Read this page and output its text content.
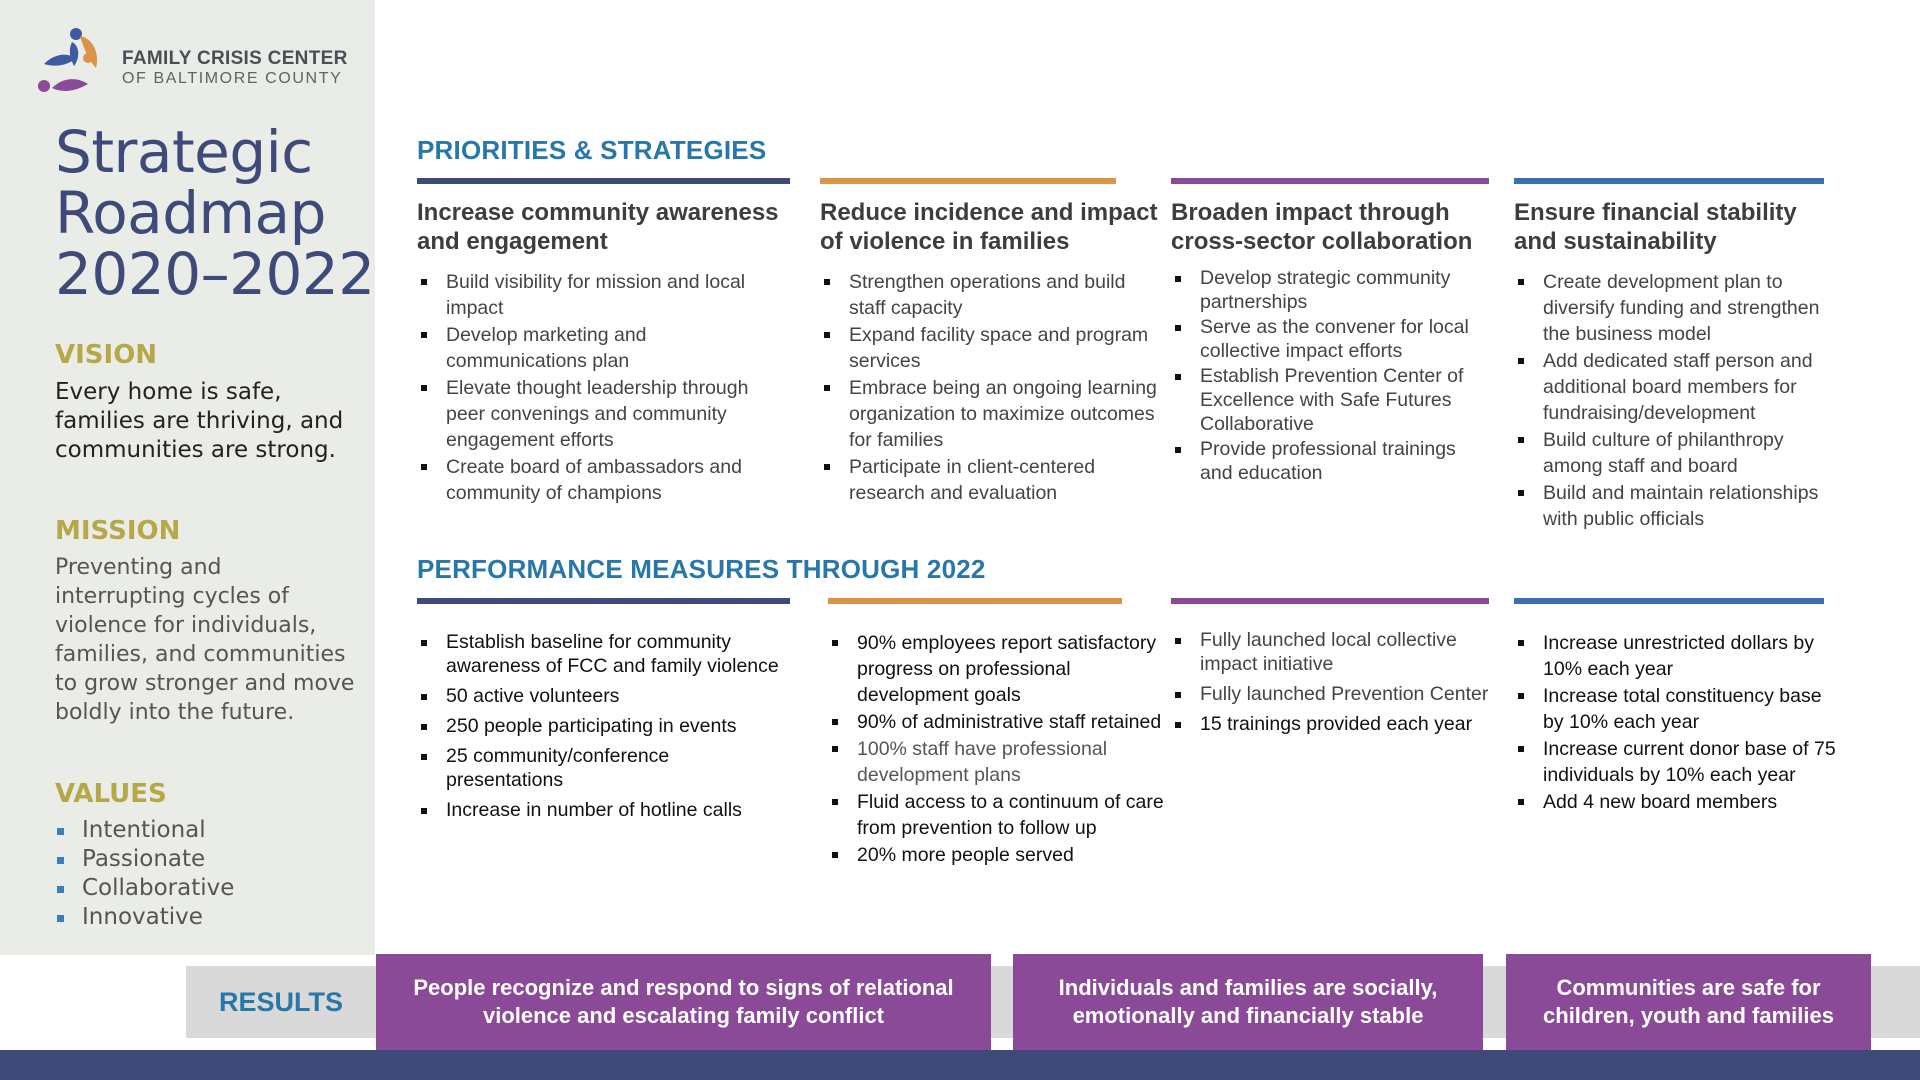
FAMILY CRISIS CENTER
OF BALTIMORE COUNTY
Strategic
Roadmap
2020–2022
VISION
Every home is safe, families are thriving, and communities are strong.
MISSION
Preventing and interrupting cycles of violence for individuals, families, and communities to grow stronger and move boldly into the future.
VALUES
Intentional
Passionate
Collaborative
Innovative
PRIORITIES & STRATEGIES
Increase community awareness and engagement
Build visibility for mission and local impact
Develop marketing and communications plan
Elevate thought leadership through peer convenings and community engagement efforts
Create board of ambassadors and community of champions
Reduce incidence and impact of violence in families
Strengthen operations and build staff capacity
Expand facility space and program services
Embrace being an ongoing learning organization to maximize outcomes for families
Participate in client-centered research and evaluation
Broaden impact through cross-sector collaboration
Develop strategic community partnerships
Serve as the convener for local collective impact efforts
Establish Prevention Center of Excellence with Safe Futures Collaborative
Provide professional trainings and education
Ensure financial stability and sustainability
Create development plan to diversify funding and strengthen the business model
Add dedicated staff person and additional board members for fundraising/development
Build culture of philanthropy among staff and board
Build and maintain relationships with public officials
PERFORMANCE MEASURES THROUGH 2022
Establish baseline for community awareness of FCC and family violence
50 active volunteers
250 people participating in events
25 community/conference presentations
Increase in number of hotline calls
90% employees report satisfactory progress on professional development goals
90% of administrative staff retained
100% staff have professional development plans
Fluid access to a continuum of care from prevention to follow up
20% more people served
Fully launched local collective impact initiative
Fully launched Prevention Center
15 trainings provided each year
Increase unrestricted dollars by 10% each year
Increase total constituency base by 10% each year
Increase current donor base of 75 individuals by 10% each year
Add 4 new board members
RESULTS	People recognize and respond to signs of relational violence and escalating family conflict
Individuals and families are socially, emotionally and financially stable
Communities are safe for children, youth and families
